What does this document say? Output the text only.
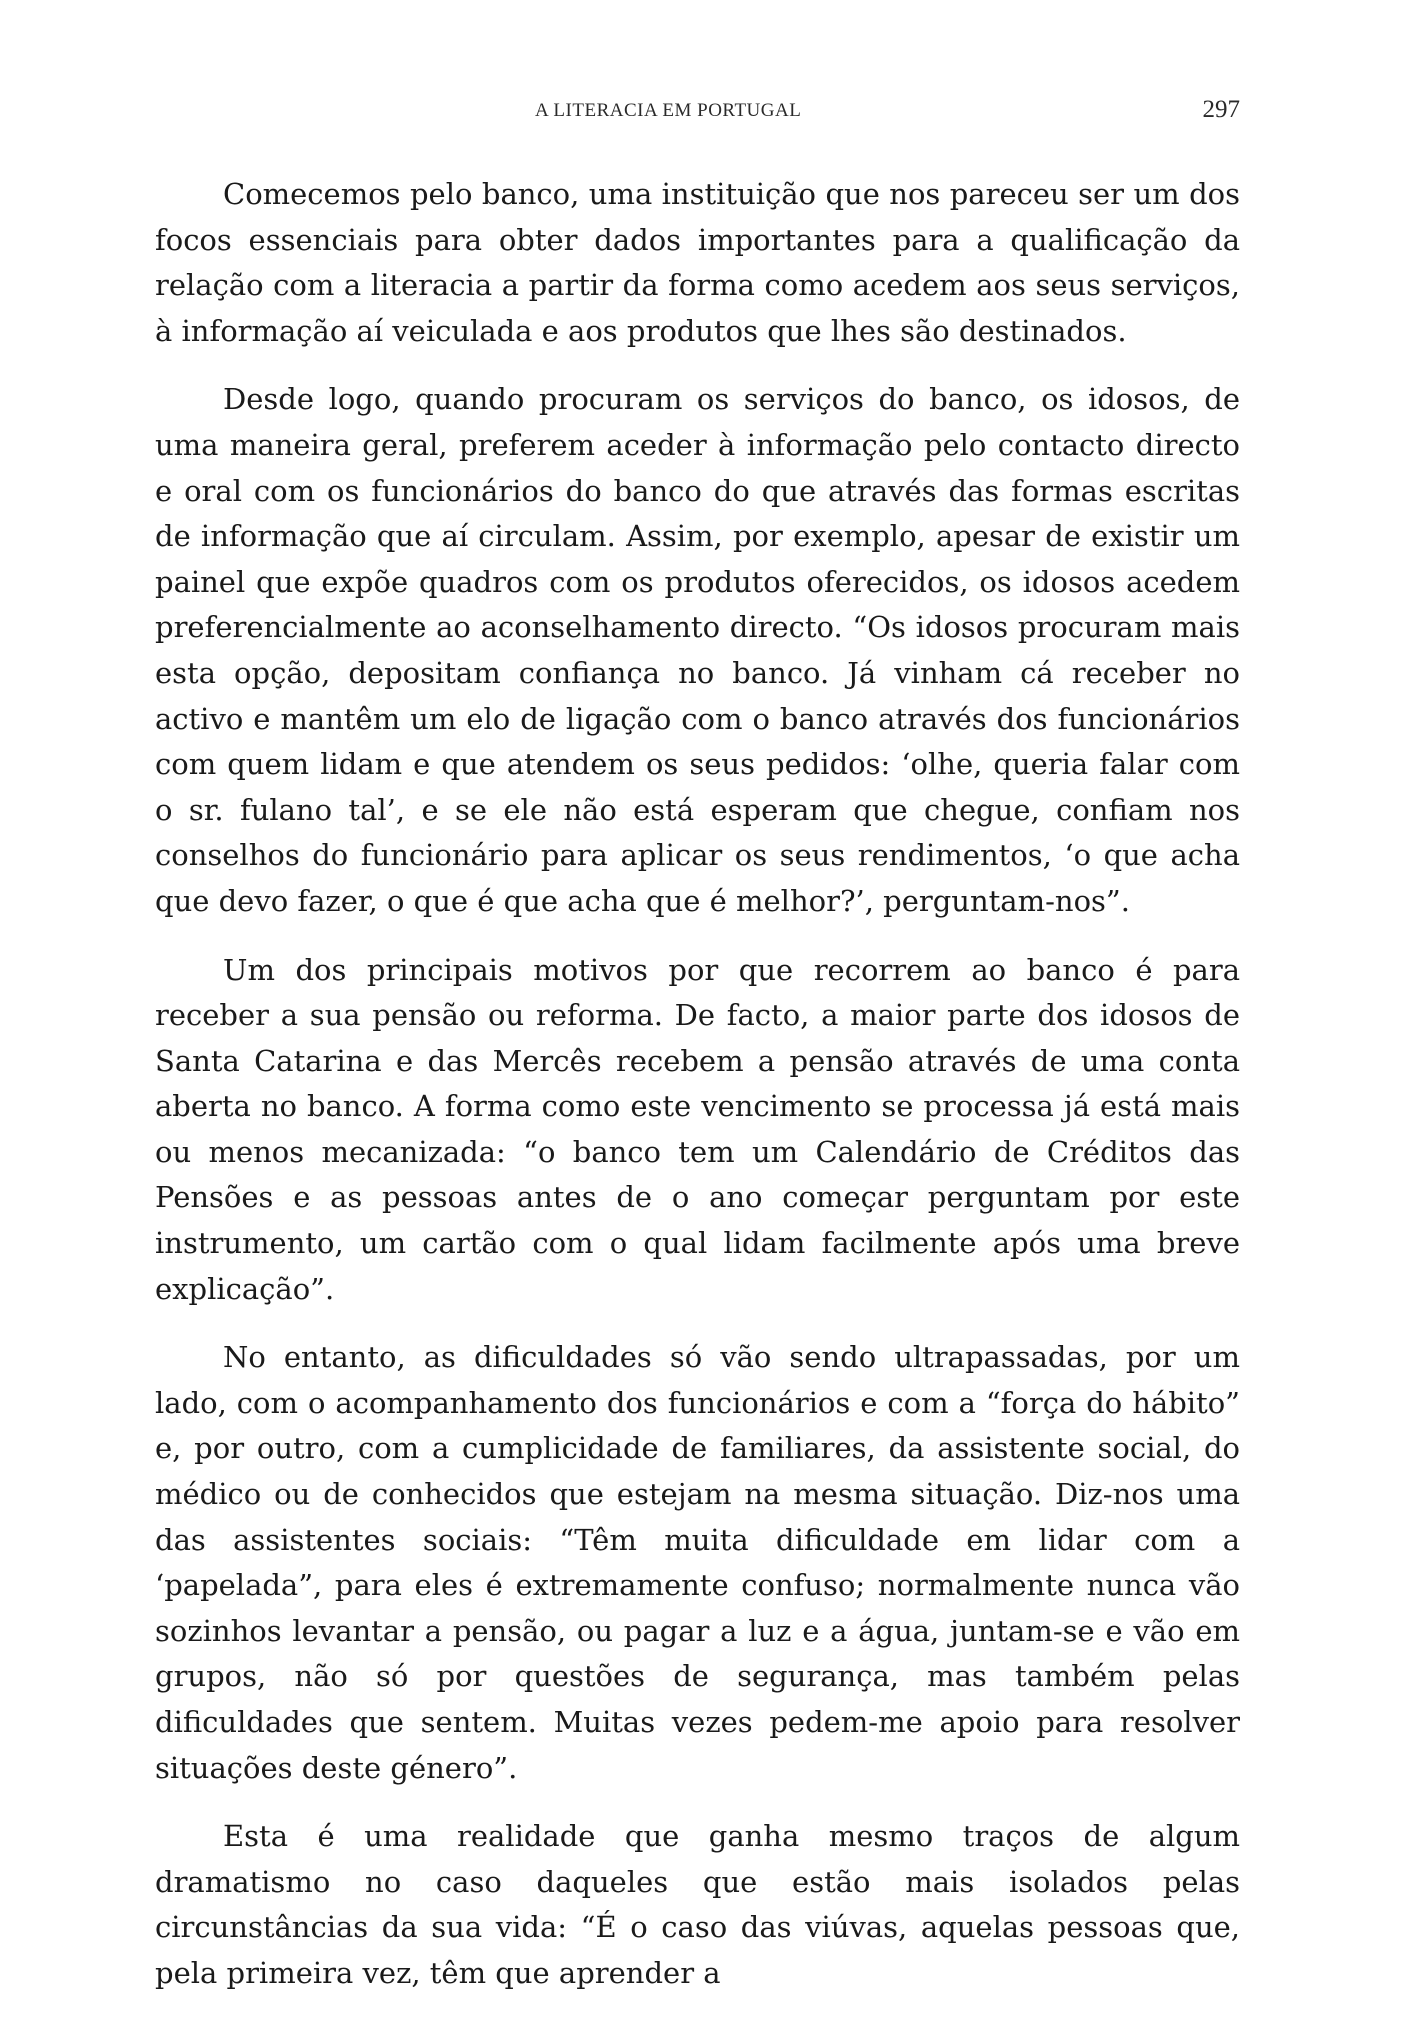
A LITERACIA EM PORTUGAL	297

Comecemos pelo banco, uma instituição que nos pareceu ser um dos focos essenciais para obter dados importantes para a qualificação da relação com a literacia a partir da forma como acedem aos seus serviços, à informação aí veiculada e aos produtos que lhes são destinados.

Desde logo, quando procuram os serviços do banco, os idosos, de uma maneira geral, preferem aceder à informação pelo contacto directo e oral com os funcionários do banco do que através das formas escritas de informação que aí circulam. Assim, por exemplo, apesar de existir um painel que expõe quadros com os produtos oferecidos, os idosos acedem preferencialmente ao aconselhamento directo. “Os idosos procuram mais esta opção, depositam confiança no banco. Já vinham cá receber no activo e mantêm um elo de ligação com o banco através dos funcionários com quem lidam e que atendem os seus pedidos: ‘olhe, queria falar com o sr. fulano tal’, e se ele não está esperam que chegue, confiam nos conselhos do funcionário para aplicar os seus rendimentos, ‘o que acha que devo fazer, o que é que acha que é melhor?’, perguntam-nos”.

Um dos principais motivos por que recorrem ao banco é para receber a sua pensão ou reforma. De facto, a maior parte dos idosos de Santa Catarina e das Mercês recebem a pensão através de uma conta aberta no banco. A forma como este vencimento se processa já está mais ou menos mecanizada: “o banco tem um Calendário de Créditos das Pensões e as pessoas antes de o ano começar perguntam por este instrumento, um cartão com o qual lidam facilmente após uma breve explicação”.

No entanto, as dificuldades só vão sendo ultrapassadas, por um lado, com o acompanhamento dos funcionários e com a “força do hábito” e, por outro, com a cumplicidade de familiares, da assistente social, do médico ou de conhecidos que estejam na mesma situação. Diz-nos uma das assistentes sociais: “Têm muita dificuldade em lidar com a ‘papelada”, para eles é extremamente confuso; normalmente nunca vão sozinhos levantar a pensão, ou pagar a luz e a água, juntam-se e vão em grupos, não só por questões de segurança, mas também pelas dificuldades que sentem. Muitas vezes pedem-me apoio para resolver situações deste género”.

Esta é uma realidade que ganha mesmo traços de algum dramatismo no caso daqueles que estão mais isolados pelas circunstâncias da sua vida: “É o caso das viúvas, aquelas pessoas que, pela primeira vez, têm que aprender a
